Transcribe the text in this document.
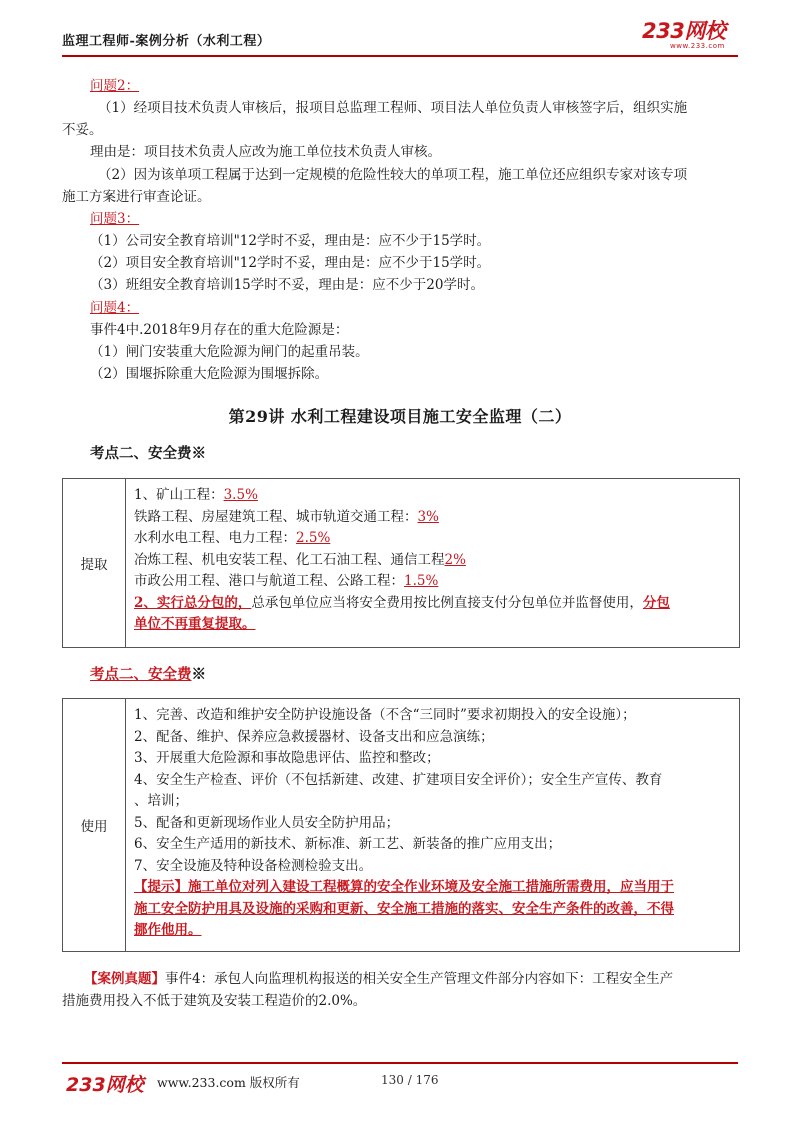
监理工程师-案例分析（水利工程）	233网校
www.233.com
问题2：
（1）经项目技术负责人审核后，报项目总监理工程师、项目法人单位负责人审核签字后，组织实施
不妥。
理由是：项目技术负责人应改为施工单位技术负责人审核。
（2）因为该单项工程属于达到一定规模的危险性较大的单项工程，施工单位还应组织专家对该专项
施工方案进行审查论证。
问题3：
（1）公司安全教育培训"12学时不妥，理由是：应不少于15学时。
（2）项目安全教育培训"12学时不妥，理由是：应不少于15学时。
（3）班组安全教育培训15学时不妥，理由是：应不少于20学时。
问题4：
事件4中.2018年9月存在的重大危险源是：
（1）闸门安装重大危险源为闸门的起重吊装。
（2）围堰拆除重大危险源为围堰拆除。
第29讲 水利工程建设项目施工安全监理（二）
考点二、安全费※
提取
1、矿山工程：3.5%
铁路工程、房屋建筑工程、城市轨道交通工程：3%
水利水电工程、电力工程：2.5%
冶炼工程、机电安装工程、化工石油工程、通信工程2%
市政公用工程、港口与航道工程、公路工程：1.5%
2、实行总分包的，总承包单位应当将安全费用按比例直接支付分包单位并监督使用，分包
单位不再重复提取。
考点二、安全费※
使用
1、完善、改造和维护安全防护设施设备（不含“三同时”要求初期投入的安全设施）；
2、配备、维护、保养应急救援器材、设备支出和应急演练；
3、开展重大危险源和事故隐患评估、监控和整改；
4、安全生产检查、评价（不包括新建、改建、扩建项目安全评价）；安全生产宣传、教育
、培训；
5、配备和更新现场作业人员安全防护用品；
6、安全生产适用的新技术、新标准、新工艺、新装备的推广应用支出；
7、安全设施及特种设备检测检验支出。
【提示】施工单位对列入建设工程概算的安全作业环境及安全施工措施所需费用，应当用于
施工安全防护用具及设施的采购和更新、安全施工措施的落实、安全生产条件的改善，不得
挪作他用。
【案例真题】事件4：承包人向监理机构报送的相关安全生产管理文件部分内容如下：工程安全生产
措施费用投入不低于建筑及安装工程造价的2.0%。
233网校 www.233.com 版权所有	130 / 176
